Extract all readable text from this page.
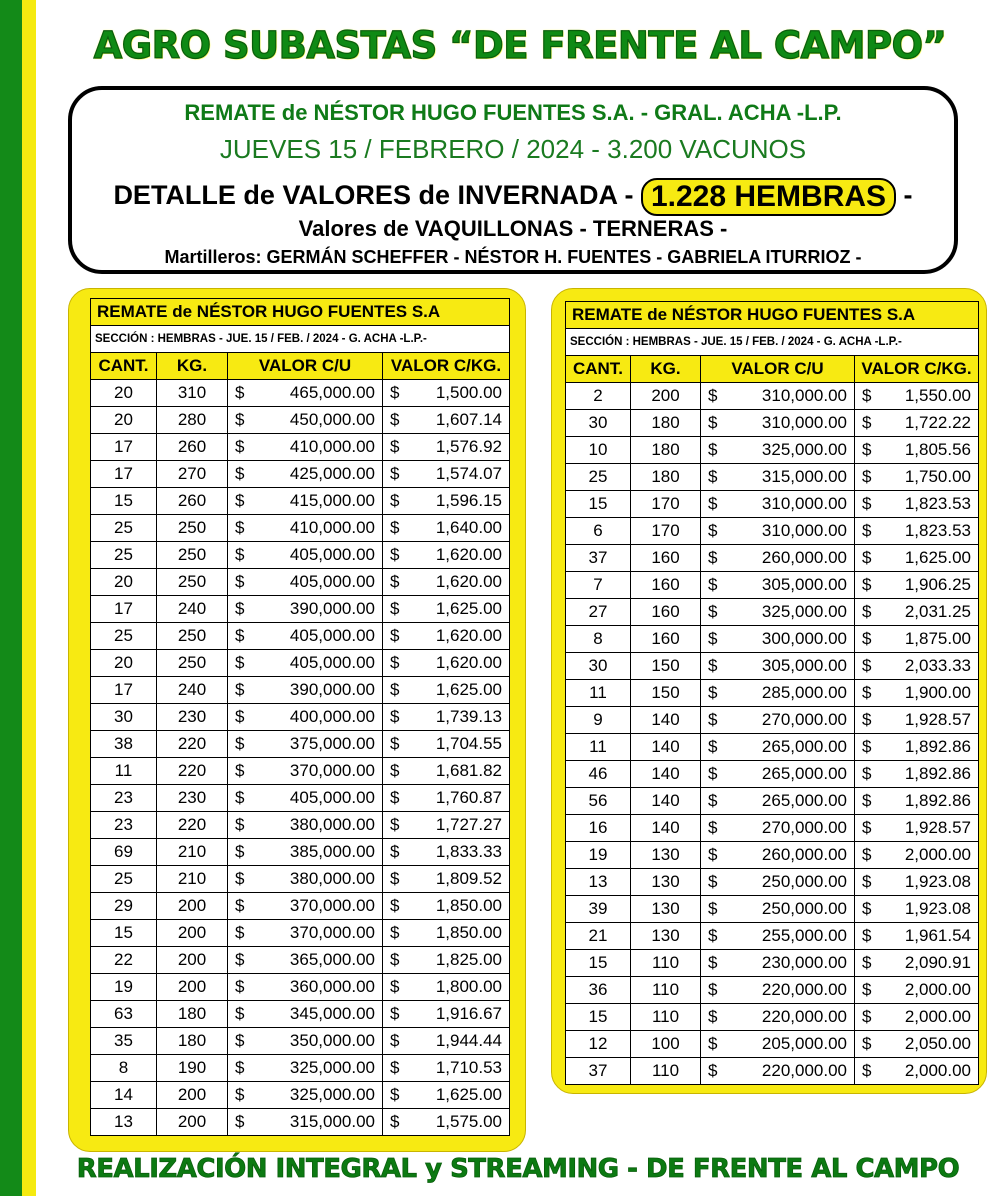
AGRO SUBASTAS “DE FRENTE AL CAMPO”
REMATE de NÉSTOR HUGO FUENTES S.A. - GRAL. ACHA -L.P.
JUEVES 15 / FEBRERO / 2024 - 3.200 VACUNOS
DETALLE de VALORES de INVERNADA - 1.228 HEMBRAS -
Valores de VAQUILLONAS - TERNERAS -
Martilleros: GERMÁN SCHEFFER - NÉSTOR H. FUENTES - GABRIELA ITURRIOZ -
REMATE de NÉSTOR HUGO FUENTES S.A			
SECCIÓN : HEMBRAS - JUE. 15 / FEB. / 2024 - G. ACHA -L.P.-			
CANT.	KG.	VALOR C/U	VALOR C/KG.
20	310	$ 465,000.00	$ 1,500.00

20	280	$ 450,000.00	$ 1,607.14

17	260	$ 410,000.00	$ 1,576.92

17	270	$ 425,000.00	$ 1,574.07

15	260	$ 415,000.00	$ 1,596.15

25	250	$ 410,000.00	$ 1,640.00

25	250	$ 405,000.00	$ 1,620.00

20	250	$ 405,000.00	$ 1,620.00

17	240	$ 390,000.00	$ 1,625.00

25	250	$ 405,000.00	$ 1,620.00

20	250	$ 405,000.00	$ 1,620.00

17	240	$ 390,000.00	$ 1,625.00

30	230	$ 400,000.00	$ 1,739.13

38	220	$ 375,000.00	$ 1,704.55

11	220	$ 370,000.00	$ 1,681.82

23	230	$ 405,000.00	$ 1,760.87

23	220	$ 380,000.00	$ 1,727.27

69	210	$ 385,000.00	$ 1,833.33

25	210	$ 380,000.00	$ 1,809.52

29	200	$ 370,000.00	$ 1,850.00

15	200	$ 370,000.00	$ 1,850.00

22	200	$ 365,000.00	$ 1,825.00

19	200	$ 360,000.00	$ 1,800.00

63	180	$ 345,000.00	$ 1,916.67

35	180	$ 350,000.00	$ 1,944.44

8	190	$ 325,000.00	$ 1,710.53

14	200	$ 325,000.00	$ 1,625.00

13	200	$ 315,000.00	$ 1,575.00
REMATE de NÉSTOR HUGO FUENTES S.A			
SECCIÓN : HEMBRAS - JUE. 15 / FEB. / 2024 - G. ACHA -L.P.-			
CANT.	KG.	VALOR C/U	VALOR C/KG.
2	200	$ 310,000.00	$ 1,550.00

30	180	$ 310,000.00	$ 1,722.22

10	180	$ 325,000.00	$ 1,805.56

25	180	$ 315,000.00	$ 1,750.00

15	170	$ 310,000.00	$ 1,823.53

6	170	$ 310,000.00	$ 1,823.53

37	160	$ 260,000.00	$ 1,625.00

7	160	$ 305,000.00	$ 1,906.25

27	160	$ 325,000.00	$ 2,031.25

8	160	$ 300,000.00	$ 1,875.00

30	150	$ 305,000.00	$ 2,033.33

11	150	$ 285,000.00	$ 1,900.00

9	140	$ 270,000.00	$ 1,928.57

11	140	$ 265,000.00	$ 1,892.86

46	140	$ 265,000.00	$ 1,892.86

56	140	$ 265,000.00	$ 1,892.86

16	140	$ 270,000.00	$ 1,928.57

19	130	$ 260,000.00	$ 2,000.00

13	130	$ 250,000.00	$ 1,923.08

39	130	$ 250,000.00	$ 1,923.08

21	130	$ 255,000.00	$ 1,961.54

15	110	$ 230,000.00	$ 2,090.91

36	110	$ 220,000.00	$ 2,000.00

15	110	$ 220,000.00	$ 2,000.00

12	100	$ 205,000.00	$ 2,050.00

37	110	$ 220,000.00	$ 2,000.00
REALIZACIÓN INTEGRAL y STREAMING - DE FRENTE AL CAMPO
